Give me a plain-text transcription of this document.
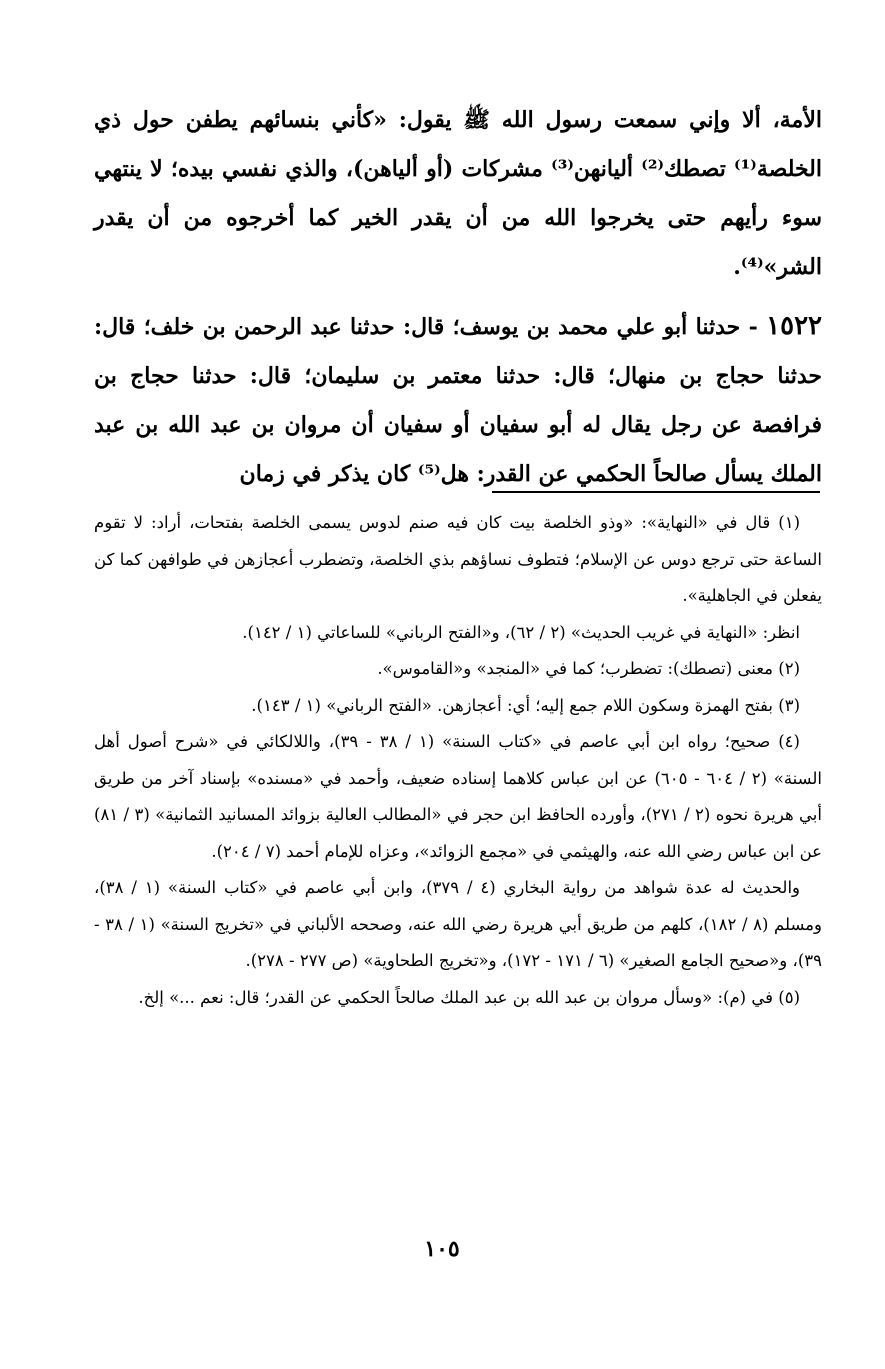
الأمة، ألا وإني سمعت رسول الله ﷺ يقول: «كأني بنسائهم يطفن حول ذي الخلصة⁽¹⁾ تصطك⁽²⁾ أليانهن⁽³⁾ مشركات (أو ألياهن)، والذي نفسي بيده؛ لا ينتهي سوء رأيهم حتى يخرجوا الله من أن يقدر الخير كما أخرجوه من أن يقدر الشر»⁽⁴⁾.

١٥٢٢ - حدثنا أبو علي محمد بن يوسف؛ قال: حدثنا عبد الرحمن بن خلف؛ قال: حدثنا حجاج بن منهال؛ قال: حدثنا معتمر بن سليمان؛ قال: حدثنا حجاج بن فرافصة عن رجل يقال له أبو سفيان أو سفيان أن مروان بن عبد الله بن عبد الملك يسأل صالحاً الحكمي عن القدر: هل⁽⁵⁾ كان يذكر في زمان

(١) قال في «النهاية»: «وذو الخلصة بيت كان فيه صنم لدوس يسمى الخلصة بفتحات، أراد: لا تقوم الساعة حتى ترجع دوس عن الإسلام؛ فتطوف نساؤهم بذي الخلصة، وتضطرب أعجازهن في طوافهن كما كن يفعلن في الجاهلية».

انظر: «النهاية في غريب الحديث» (٢ / ٦٢)، و«الفتح الرباني» للساعاتي (١ / ١٤٢).

(٢) معنى (تصطك): تضطرب؛ كما في «المنجد» و«القاموس».

(٣) بفتح الهمزة وسكون اللام جمع إليه؛ أي: أعجازهن. «الفتح الرباني» (١ / ١٤٣).

(٤) صحيح؛ رواه ابن أبي عاصم في «كتاب السنة» (١ / ٣٨ - ٣٩)، واللالكائي في «شرح أصول أهل السنة» (٢ / ٦٠٤ - ٦٠٥) عن ابن عباس كلاهما إسناده ضعيف، وأحمد في «مسنده» بإسناد آخر من طريق أبي هريرة نحوه (٢ / ٢٧١)، وأورده الحافظ ابن حجر في «المطالب العالية بزوائد المسانيد الثمانية» (٣ / ٨١) عن ابن عباس رضي الله عنه، والهيثمي في «مجمع الزوائد»، وعزاه للإمام أحمد (٧ / ٢٠٤).

والحديث له عدة شواهد من رواية البخاري (٤ / ٣٧٩)، وابن أبي عاصم في «كتاب السنة» (١ / ٣٨)، ومسلم (٨ / ١٨٢)، كلهم من طريق أبي هريرة رضي الله عنه، وصححه الألباني في «تخريج السنة» (١ / ٣٨ - ٣٩)، و«صحيح الجامع الصغير» (٦ / ١٧١ - ١٧٢)، و«تخريج الطحاوية» (ص ٢٧٧ - ٢٧٨).

(٥) في (م): «وسأل مروان بن عبد الله بن عبد الملك صالحاً الحكمي عن القدر؛ قال: نعم ...» إلخ.

١٠٥
